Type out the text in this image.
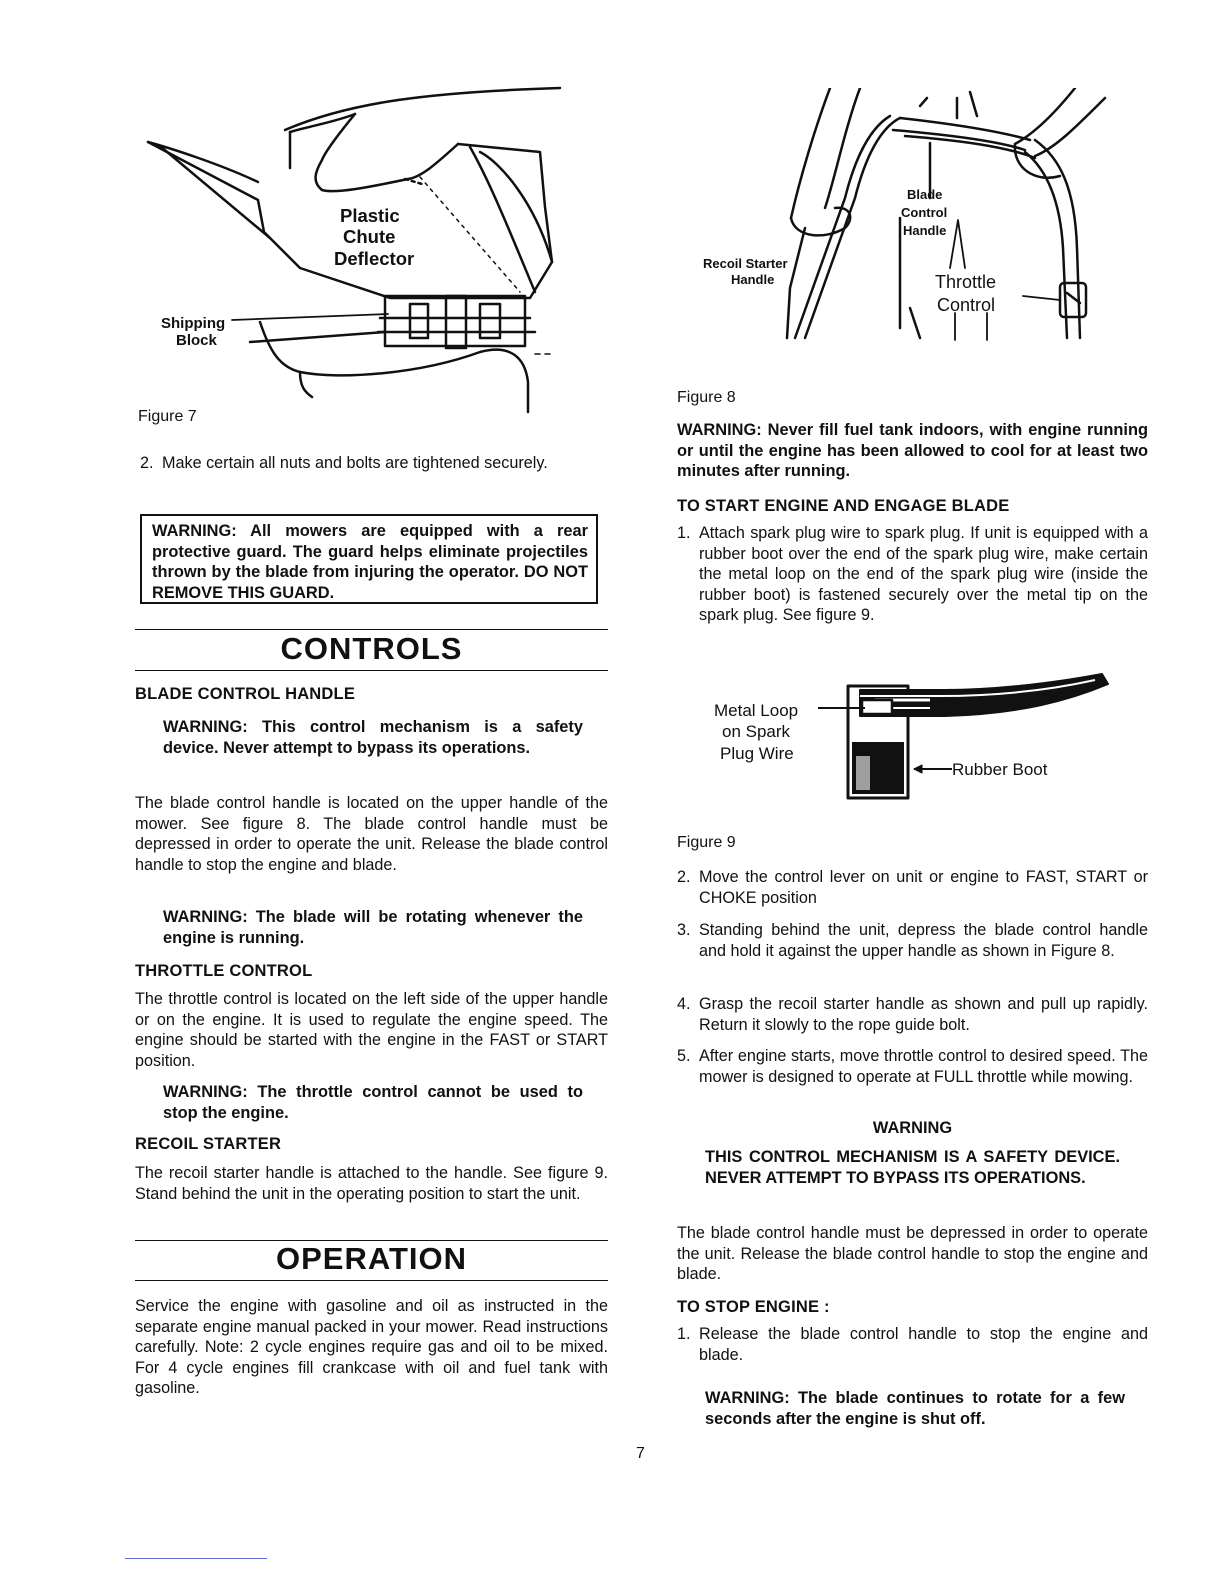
Plastic
Chute
Deflector
Shipping
Block
Figure 7
2. Make certain all nuts and bolts are tightened securely.
WARNING: All mowers are equipped with a rear protective guard. The guard helps eliminate projectiles thrown by the blade from injuring the operator. DO NOT REMOVE THIS GUARD.
CONTROLS
BLADE CONTROL HANDLE
WARNING: This control mechanism is a safety device. Never attempt to bypass its operations.
The blade control handle is located on the upper handle of the mower. See figure 8. The blade control handle must be depressed in order to operate the unit. Release the blade control handle to stop the engine and blade.
WARNING: The blade will be rotating whenever the engine is running.
THROTTLE CONTROL
The throttle control is located on the left side of the upper handle or on the engine. It is used to regulate the engine speed. The engine should be started with the engine in the FAST or START position.
WARNING: The throttle control cannot be used to stop the engine.
RECOIL STARTER
The recoil starter handle is attached to the handle. See figure 9. Stand behind the unit in the operating position to start the unit.
OPERATION
Service the engine with gasoline and oil as instructed in the separate engine manual packed in your mower. Read instructions carefully. Note: 2 cycle engines require gas and oil to be mixed. For 4 cycle engines fill crankcase with oil and fuel tank with gasoline.
Blade
Control
Handle
Recoil Starter
Handle	Throttle
Control
Figure 8
WARNING: Never fill fuel tank indoors, with engine running or until the engine has been allowed to cool for at least two minutes after running.
TO START ENGINE AND ENGAGE BLADE
1. Attach spark plug wire to spark plug. If unit is equipped with a rubber boot over the end of the spark plug wire, make certain the metal loop on the end of the spark plug wire (inside the rubber boot) is fastened securely over the metal tip on the spark plug. See figure 9.
Metal Loop
on Spark
Plug Wire
Rubber Boot
Figure 9
2. Move the control lever on unit or engine to FAST, START or CHOKE position
3. Standing behind the unit, depress the blade control handle and hold it against the upper handle as shown in Figure 8.
4. Grasp the recoil starter handle as shown and pull up rapidly. Return it slowly to the rope guide bolt.
5. After engine starts, move throttle control to desired speed. The mower is designed to operate at FULL throttle while mowing.
WARNING
THIS CONTROL MECHANISM IS A SAFETY DEVICE. NEVER ATTEMPT TO BYPASS ITS OPERATIONS.
The blade control handle must be depressed in order to operate the unit. Release the blade control handle to stop the engine and blade.
TO STOP ENGINE :
1. Release the blade control handle to stop the engine and blade.
WARNING: The blade continues to rotate for a few seconds after the engine is shut off.
7
